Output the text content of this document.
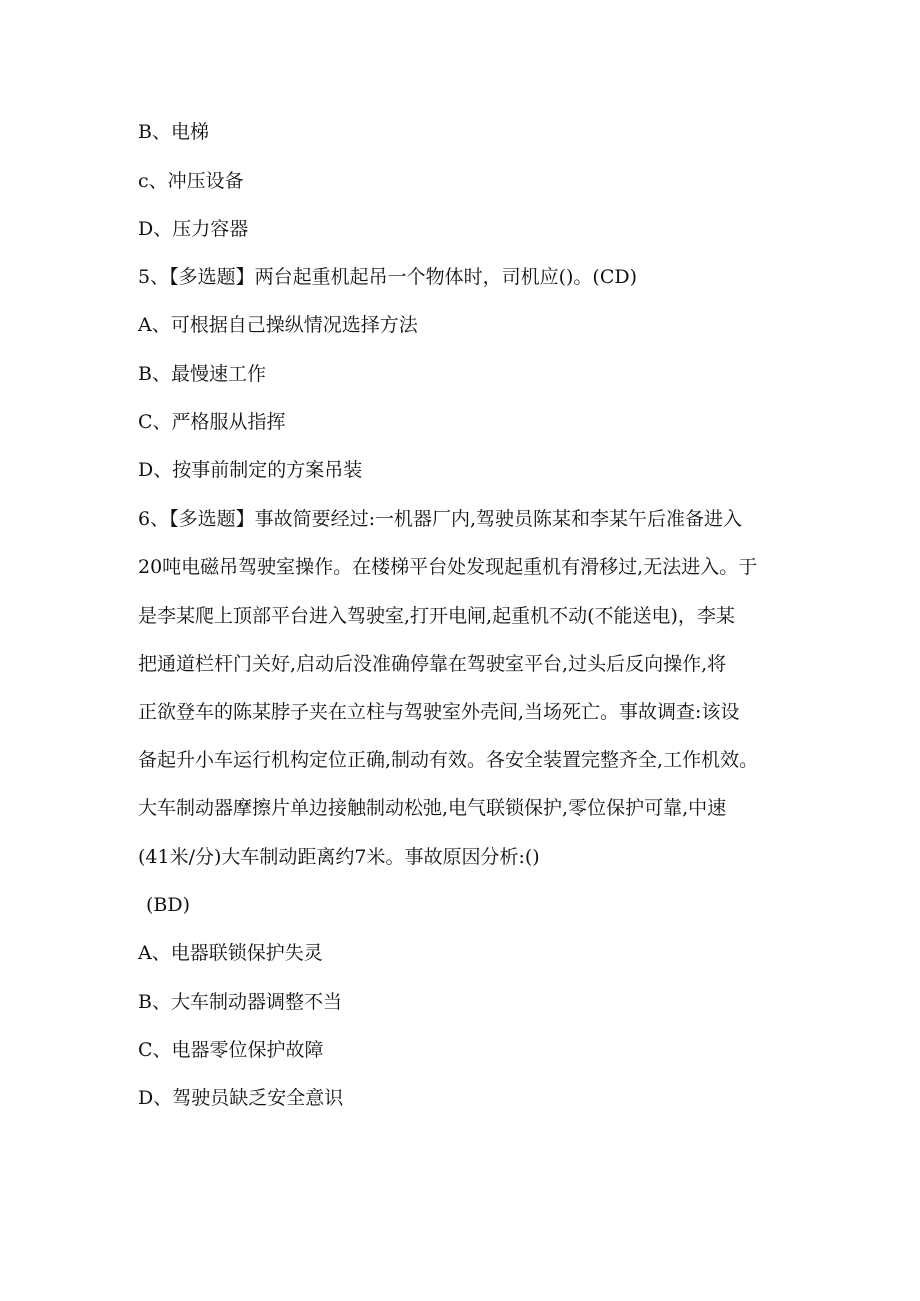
B、电梯
c、冲压设备
D、压力容器
5、【多选题】两台起重机起吊一个物体时，司机应()。(CD)
A、可根据自己操纵情况选择方法
B、最慢速工作
C、严格服从指挥
D、按事前制定的方案吊装
6、【多选题】事故简要经过:一机器厂内,驾驶员陈某和李某午后准备进入
20吨电磁吊驾驶室操作。在楼梯平台处发现起重机有滑移过,无法进入。于
是李某爬上顶部平台进入驾驶室,打开电闸,起重机不动(不能送电)，李某
把通道栏杆门关好,启动后没准确停靠在驾驶室平台,过头后反向操作,将
正欲登车的陈某脖子夹在立柱与驾驶室外壳间,当场死亡。事故调查:该设
备起升小车运行机构定位正确,制动有效。各安全装置完整齐全,工作机效。
大车制动器摩擦片单边接触制动松弛,电气联锁保护,零位保护可靠,中速
(41米/分)大车制动距离约7米。事故原因分析:()
(BD)
A、电器联锁保护失灵
B、大车制动器调整不当
C、电器零位保护故障
D、驾驶员缺乏安全意识
